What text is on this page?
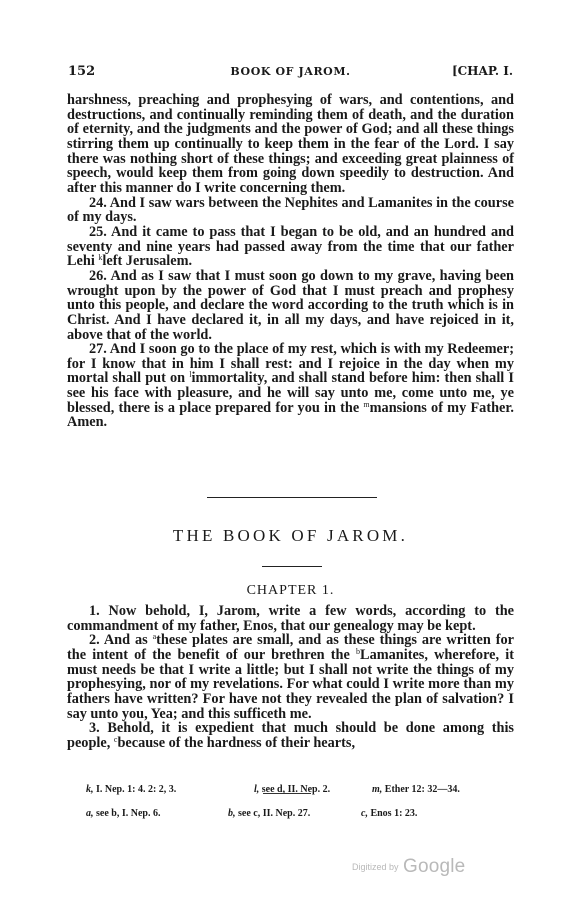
152	BOOK OF JAROM.	[CHAP. I.

harshness, preaching and prophesying of wars, and contentions, and destructions, and continually reminding them of death, and the duration of eternity, and the judgments and the power of God; and all these things stirring them up continually to keep them in the fear of the Lord. I say there was nothing short of these things; and exceeding great plainness of speech, would keep them from going down speedily to destruction. And after this manner do I write concerning them.

24. And I saw wars between the Nephites and Lamanites in the course of my days.

25. And it came to pass that I began to be old, and an hundred and seventy and nine years had passed away from the time that our father Lehi $^k$left Jerusalem.

26. And as I saw that I must soon go down to my grave, having been wrought upon by the power of God that I must preach and prophesy unto this people, and declare the word according to the truth which is in Christ. And I have declared it, in all my days, and have rejoiced in it, above that of the world.

27. And I soon go to the place of my rest, which is with my Redeemer; for I know that in him I shall rest: and I rejoice in the day when my mortal shall put on $^l$immortality, and shall stand before him: then shall I see his face with pleasure, and he will say unto me, come unto me, ye blessed, there is a place prepared for you in the $^m$mansions of my Father. Amen.

THE BOOK OF JAROM.
CHAPTER 1.

1. Now behold, I, Jarom, write a few words, according to the commandment of my father, Enos, that our genealogy may be kept.

2. And as $^a$these plates are small, and as these things are written for the intent of the benefit of our brethren the $^b$Lamanites, wherefore, it must needs be that I write a little; but I shall not write the things of my prophesying, nor of my revelations. For what could I write more than my fathers have written? For have not they revealed the plan of salvation? I say unto you, Yea; and this sufficeth me.

3. Behold, it is expedient that much should be done among this people, $^c$because of the hardness of their hearts,

k, I. Nep. 1: 4. 2: 2, 3.	l, see d, II. Nep. 2.	m, Ether 12: 32—34.
a, see b, I. Nep. 6.	b, see c, II. Nep. 27.	c, Enos 1: 23.
Digitized by Google
